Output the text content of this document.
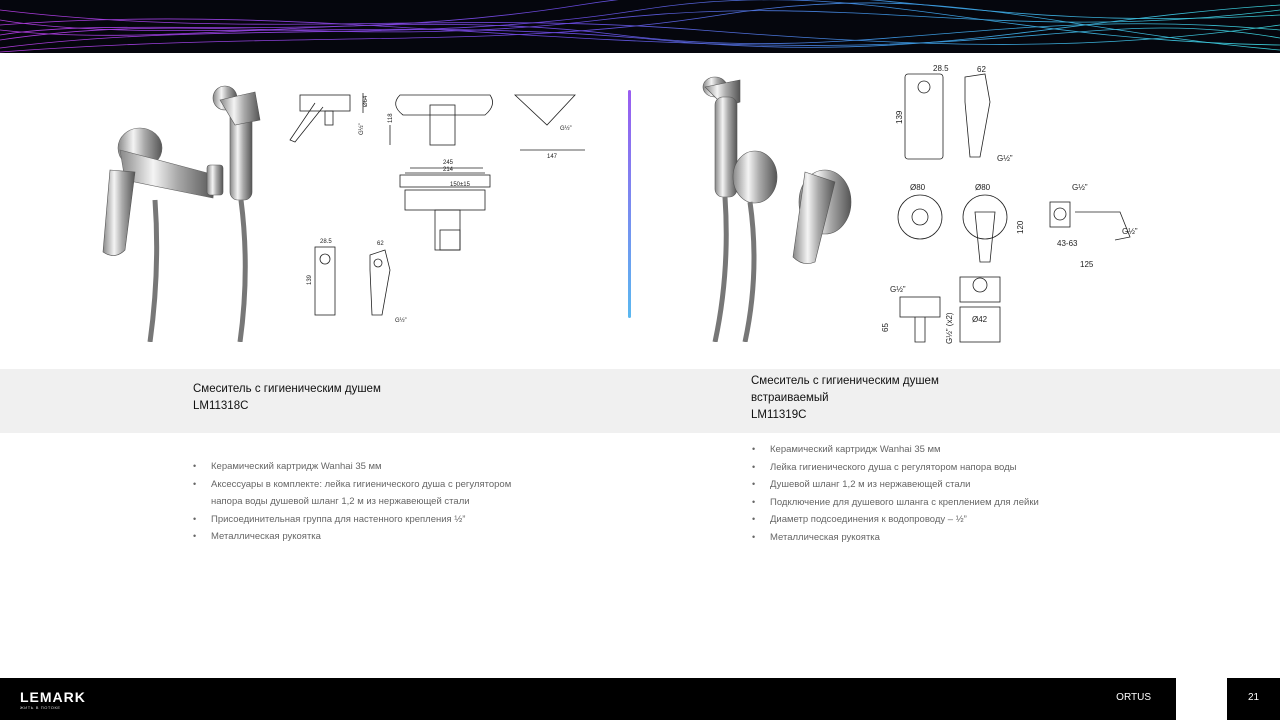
Ø64
G½”
118
147
G½”
245
214
150±15
28.5
139
62
G½”
28.5	62
139
G½”
Ø80	Ø80
120
G½”
G½”
43-63
125
G½”
65	G½” (x2) Ø42
Смеситель с гигиеническим душем
LM11318C
Смеситель с гигиеническим душем
встраиваемый
LM11319C
• Керамический картридж Wanhai 35 мм
• Аксессуары в комплекте: лейка гигиенического душа с регулятором
напора воды душевой шланг 1,2 м из нержавеющей стали
• Присоединительная группа для настенного крепления ½”
• Металлическая рукоятка
• Керамический картридж Wanhai 35 мм
• Лейка гигиенического душа с регулятором напора воды
• Душевой шланг 1,2 м из нержавеющей стали
• Подключение для душевого шланга с креплением для лейки
• Диаметр подсоединения к водопроводу – ½”
• Металлическая рукоятка
LEMARK
ЖИТЬ В ПОТОКЕ
ORTUS	21
